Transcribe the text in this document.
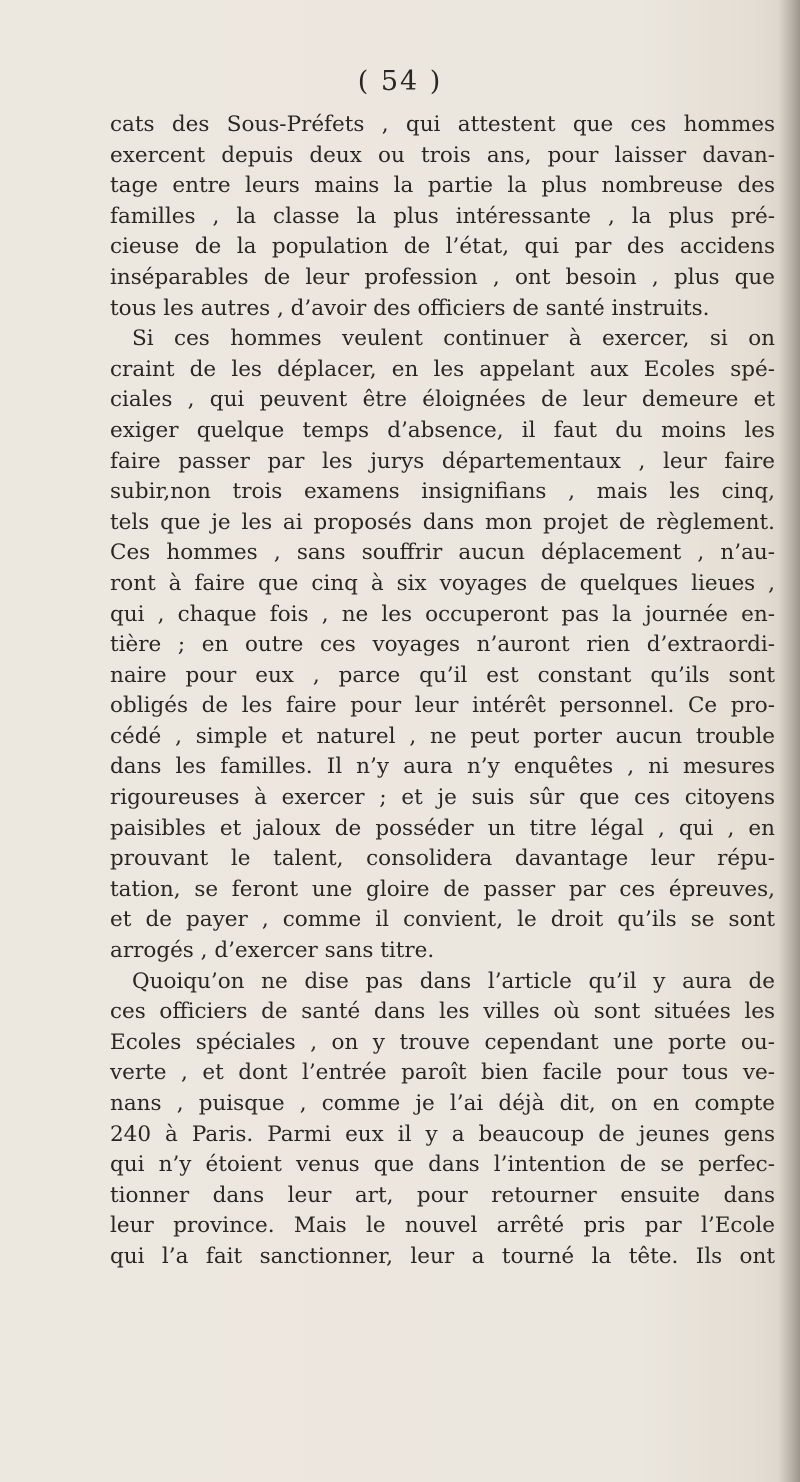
( 54 )
cats des Sous-Préfets , qui attestent que ces hommes
exercent depuis deux ou trois ans, pour laisser davan-
tage entre leurs mains la partie la plus nombreuse des
familles , la classe la plus intéressante , la plus pré-
cieuse de la population de l’état, qui par des accidens
inséparables de leur profession , ont besoin , plus que
tous les autres , d’avoir des officiers de santé instruits.
Si ces hommes veulent continuer à exercer, si on
craint de les déplacer, en les appelant aux Ecoles spé-
ciales , qui peuvent être éloignées de leur demeure et
exiger quelque temps d’absence, il faut du moins les
faire passer par les jurys départementaux , leur faire
subir,non trois examens insignifians , mais les cinq,
tels que je les ai proposés dans mon projet de règlement.
Ces hommes , sans souffrir aucun déplacement , n’au-
ront à faire que cinq à six voyages de quelques lieues ,
qui , chaque fois , ne les occuperont pas la journée en-
tière ; en outre ces voyages n’auront rien d’extraordi-
naire pour eux , parce qu’il est constant qu’ils sont
obligés de les faire pour leur intérêt personnel. Ce pro-
cédé , simple et naturel , ne peut porter aucun trouble
dans les familles. Il n’y aura n’y enquêtes , ni mesures
rigoureuses à exercer ; et je suis sûr que ces citoyens
paisibles et jaloux de posséder un titre légal , qui , en
prouvant le talent, consolidera davantage leur répu-
tation, se feront une gloire de passer par ces épreuves,
et de payer , comme il convient, le droit qu’ils se sont
arrogés , d’exercer sans titre.
Quoiqu’on ne dise pas dans l’article qu’il y aura de
ces officiers de santé dans les villes où sont situées les
Ecoles spéciales , on y trouve cependant une porte ou-
verte , et dont l’entrée paroît bien facile pour tous ve-
nans , puisque , comme je l’ai déjà dit, on en compte
240 à Paris. Parmi eux il y a beaucoup de jeunes gens
qui n’y étoient venus que dans l’intention de se perfec-
tionner dans leur art, pour retourner ensuite dans
leur province. Mais le nouvel arrêté pris par l’Ecole
qui l’a fait sanctionner, leur a tourné la tête. Ils ont
